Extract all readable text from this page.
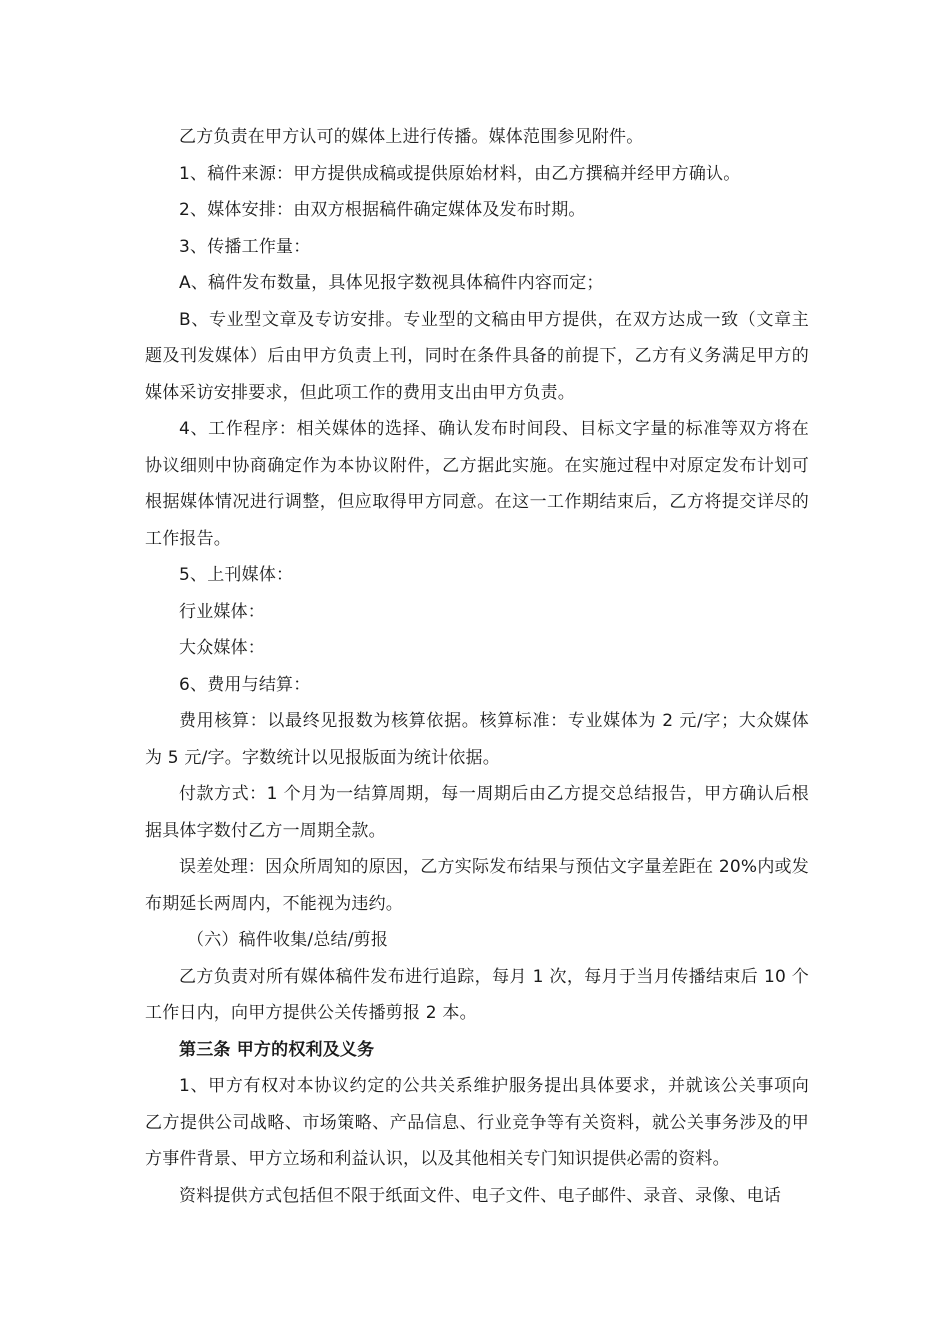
乙方负责在甲方认可的媒体上进行传播。媒体范围参见附件。

1、稿件来源：甲方提供成稿或提供原始材料，由乙方撰稿并经甲方确认。

2、媒体安排：由双方根据稿件确定媒体及发布时期。

3、传播工作量：

A、稿件发布数量，具体见报字数视具体稿件内容而定；

B、专业型文章及专访安排。专业型的文稿由甲方提供，在双方达成一致（文章主题及刊发媒体）后由甲方负责上刊，同时在条件具备的前提下，乙方有义务满足甲方的媒体采访安排要求，但此项工作的费用支出由甲方负责。

4、工作程序：相关媒体的选择、确认发布时间段、目标文字量的标准等双方将在协议细则中协商确定作为本协议附件，乙方据此实施。在实施过程中对原定发布计划可根据媒体情况进行调整，但应取得甲方同意。在这一工作期结束后，乙方将提交详尽的工作报告。

5、上刊媒体：

行业媒体：

大众媒体：

6、费用与结算：

费用核算：以最终见报数为核算依据。核算标准：专业媒体为 2 元/字；大众媒体为 5 元/字。字数统计以见报版面为统计依据。

付款方式：1 个月为一结算周期，每一周期后由乙方提交总结报告，甲方确认后根据具体字数付乙方一周期全款。

误差处理：因众所周知的原因，乙方实际发布结果与预估文字量差距在 20%内或发布期延长两周内，不能视为违约。

（六）稿件收集/总结/剪报

乙方负责对所有媒体稿件发布进行追踪，每月 1 次，每月于当月传播结束后 10 个工作日内，向甲方提供公关传播剪报 2 本。

第三条 甲方的权利及义务

1、甲方有权对本协议约定的公共关系维护服务提出具体要求，并就该公关事项向乙方提供公司战略、市场策略、产品信息、行业竞争等有关资料，就公关事务涉及的甲方事件背景、甲方立场和利益认识，以及其他相关专门知识提供必需的资料。

资料提供方式包括但不限于纸面文件、电子文件、电子邮件、录音、录像、电话
